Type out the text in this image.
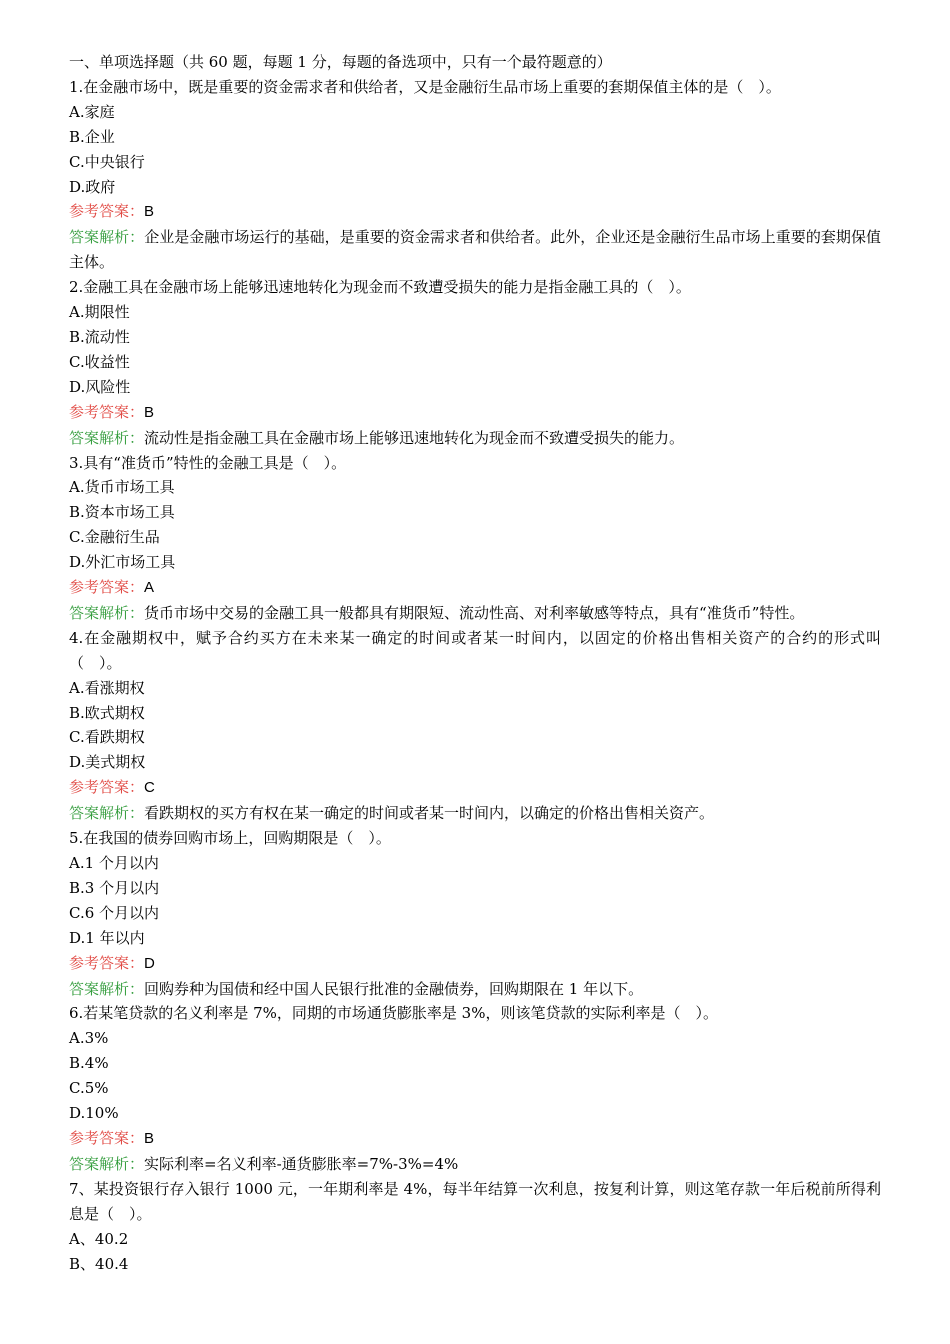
一、单项选择题（共 60 题，每题 1 分，每题的备选项中，只有一个最符题意的）
1.在金融市场中，既是重要的资金需求者和供给者，又是金融衍生品市场上重要的套期保值主体的是（　）。
A.家庭
B.企业
C.中央银行
D.政府
参考答案：B
答案解析：企业是金融市场运行的基础，是重要的资金需求者和供给者。此外，企业还是金融衍生品市场上重要的套期保值主体。
2.金融工具在金融市场上能够迅速地转化为现金而不致遭受损失的能力是指金融工具的（　）。
A.期限性
B.流动性
C.收益性
D.风险性
参考答案：B
答案解析：流动性是指金融工具在金融市场上能够迅速地转化为现金而不致遭受损失的能力。
3.具有“准货币”特性的金融工具是（　）。
A.货币市场工具
B.资本市场工具
C.金融衍生品
D.外汇市场工具
参考答案：A
答案解析：货币市场中交易的金融工具一般都具有期限短、流动性高、对利率敏感等特点，具有“准货币”特性。
4.在金融期权中，赋予合约买方在未来某一确定的时间或者某一时间内，以固定的价格出售相关资产的合约的形式叫（　）。
A.看涨期权
B.欧式期权
C.看跌期权
D.美式期权
参考答案：C
答案解析：看跌期权的买方有权在某一确定的时间或者某一时间内，以确定的价格出售相关资产。
5.在我国的债券回购市场上，回购期限是（　）。
A.1 个月以内
B.3 个月以内
C.6 个月以内
D.1 年以内
参考答案：D
答案解析：回购券种为国债和经中国人民银行批准的金融债券，回购期限在 1 年以下。
6.若某笔贷款的名义利率是 7%，同期的市场通货膨胀率是 3%，则该笔贷款的实际利率是（　）。
A.3%
B.4%
C.5%
D.10%
参考答案：B
答案解析：实际利率=名义利率-通货膨胀率=7%-3%=4%
7、某投资银行存入银行 1000 元，一年期利率是 4%，每半年结算一次利息，按复利计算，则这笔存款一年后税前所得利息是（　）。
A、40.2
B、40.4
